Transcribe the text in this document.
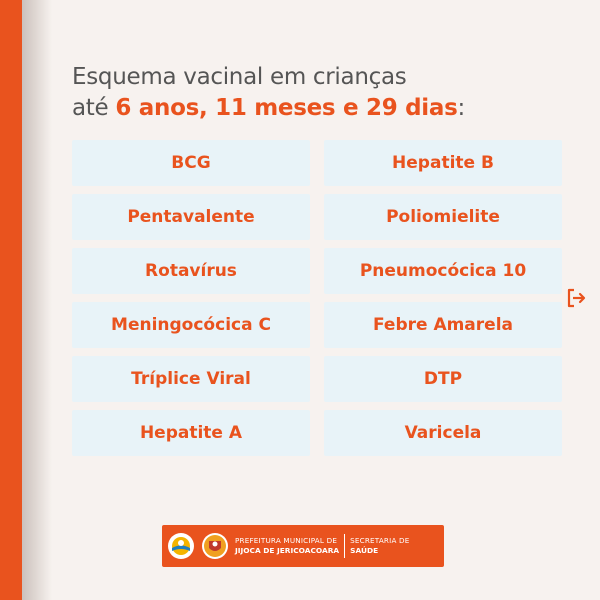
Esquema vacinal em crianças
até 6 anos, 11 meses e 29 dias:
BCG	Hepatite B
Pentavalente	Poliomielite
Rotavírus	Pneumocócica 10
Meningocócica C	Febre Amarela
Tríplice Viral	DTP
Hepatite A	Varicela
PREFEITURA MUNICIPAL DE
JIJOCA DE JERICOACOARA
SECRETARIA DE
SAÚDE
